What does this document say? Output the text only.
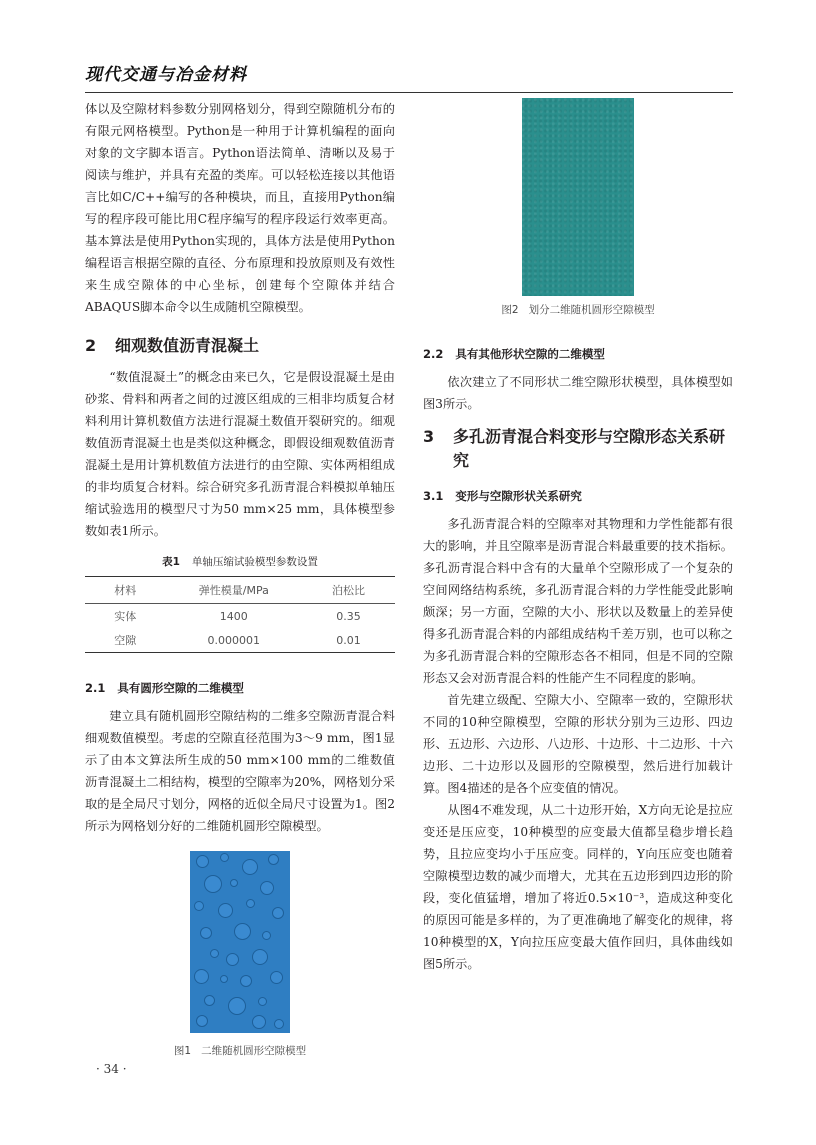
现代交通与冶金材料

体以及空隙材料参数分别网格划分，得到空隙随机分布的有限元网格模型。Python是一种用于计算机编程的面向对象的文字脚本语言。Python语法简单、清晰以及易于阅读与维护，并具有充盈的类库。可以轻松连接以其他语言比如C/C++编写的各种模块，而且，直接用Python编写的程序段可能比用C程序编写的程序段运行效率更高。基本算法是使用Python实现的，具体方法是使用Python编程语言根据空隙的直径、分布原理和投放原则及有效性来生成空隙体的中心坐标，创建每个空隙体并结合ABAQUS脚本命令以生成随机空隙模型。

2	细观数值沥青混凝土

“数值混凝土”的概念由来已久，它是假设混凝土是由砂浆、骨料和两者之间的过渡区组成的三相非均质复合材料利用计算机数值方法进行混凝土数值开裂研究的。细观数值沥青混凝土也是类似这种概念，即假设细观数值沥青混凝土是用计算机数值方法进行的由空隙、实体两相组成的非均质复合材料。综合研究多孔沥青混合料模拟单轴压缩试验选用的模型尺寸为50 mm×25 mm，具体模型参数如表1所示。

表1 单轴压缩试验模型参数设置
材料	弹性模量/MPa	泊松比
实体	1400	0.35
空隙	0.000001	0.01
2.1 具有圆形空隙的二维模型

建立具有随机圆形空隙结构的二维多空隙沥青混合料细观数值模型。考虑的空隙直径范围为3～9 mm，图1显示了由本文算法所生成的50 mm×100 mm的二维数值沥青混凝土二相结构，模型的空隙率为20%，网格划分采取的是全局尺寸划分，网格的近似全局尺寸设置为1。图2所示为网格划分好的二维随机圆形空隙模型。

图1 二维随机圆形空隙模型
图2 划分二维随机圆形空隙模型
2.2 具有其他形状空隙的二维模型

依次建立了不同形状二维空隙形状模型，具体模型如图3所示。

3	多孔沥青混合料变形与空隙形态关系研究
3.1 变形与空隙形状关系研究

多孔沥青混合料的空隙率对其物理和力学性能都有很大的影响，并且空隙率是沥青混合料最重要的技术指标。多孔沥青混合料中含有的大量单个空隙形成了一个复杂的空间网络结构系统，多孔沥青混合料的力学性能受此影响颇深；另一方面，空隙的大小、形状以及数量上的差异使得多孔沥青混合料的内部组成结构千差万别，也可以称之为多孔沥青混合料的空隙形态各不相同，但是不同的空隙形态又会对沥青混合料的性能产生不同程度的影响。

首先建立级配、空隙大小、空隙率一致的，空隙形状不同的10种空隙模型，空隙的形状分别为三边形、四边形、五边形、六边形、八边形、十边形、十二边形、十六边形、二十边形以及圆形的空隙模型，然后进行加载计算。图4描述的是各个应变值的情况。

从图4不难发现，从二十边形开始，X方向无论是拉应变还是压应变，10种模型的应变最大值都呈稳步增长趋势，且拉应变均小于压应变。同样的，Y向压应变也随着空隙模型边数的减少而增大，尤其在五边形到四边形的阶段，变化值猛增，增加了将近0.5×10⁻³，造成这种变化的原因可能是多样的，为了更准确地了解变化的规律，将10种模型的X，Y向拉压应变最大值作回归，具体曲线如图5所示。

· 34 ·
